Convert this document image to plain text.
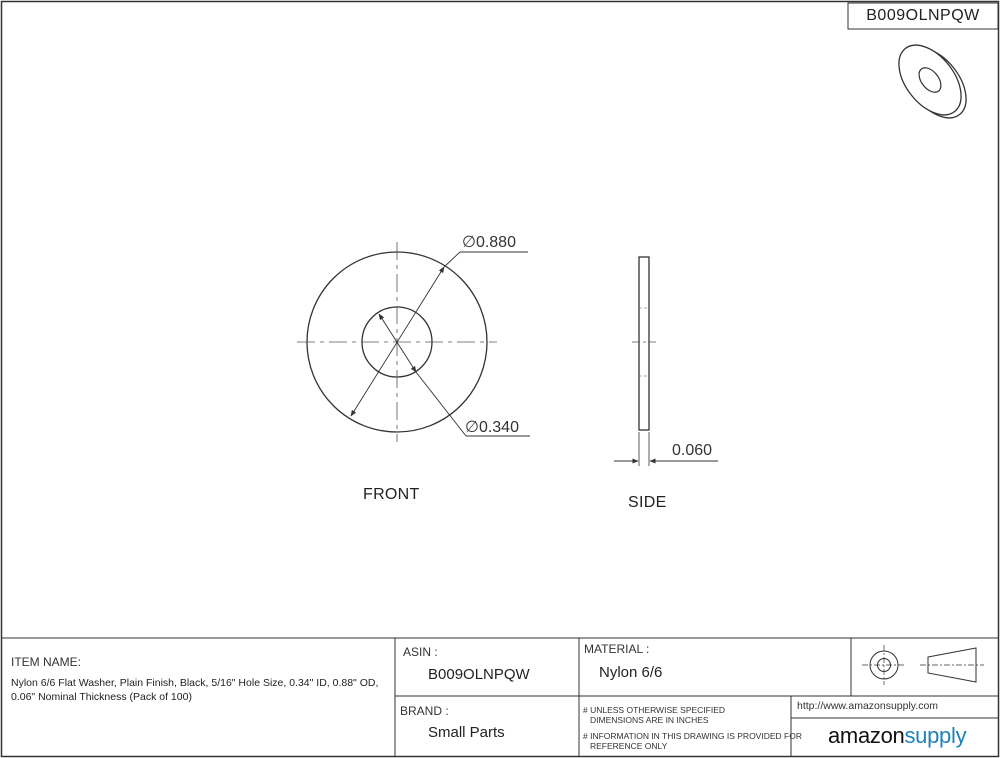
B009OLNPQW
∅0.880
∅0.340
0.060
FRONT	SIDE
ITEM NAME:
Nylon 6/6 Flat Washer, Plain Finish, Black, 5/16" Hole Size, 0.34" ID, 0.88" OD, 0.06" Nominal Thickness (Pack of 100)
ASIN :
B009OLNPQW
MATERIAL :
Nylon 6/6
BRAND :
Small Parts
# UNLESS OTHERWISE SPECIFIED
DIMENSIONS ARE IN INCHES
# INFORMATION IN THIS DRAWING IS PROVIDED FOR
REFERENCE ONLY
http://www.amazonsupply.com
amazonsupply
